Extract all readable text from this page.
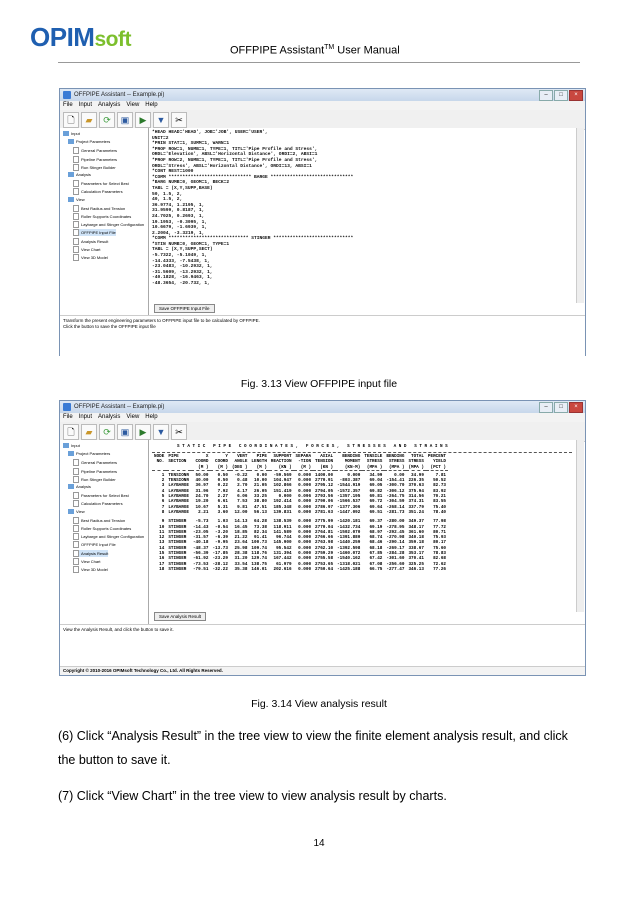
OPIMsoft	OFFPIPE Assistant™ User Manual
OFFPIPE Assistant -- Example.pi)	–	□	×
File Input Analysis View Help
🗋	▰	⟳	▣	▶	▼	✂
Input
Project Parameters
General Parameters
Pipeline Parameters
Run Stinger Builder
Analysis
Parameters for Select Best
Calculation Parameters
View
Best Radius and Tension
Roller Supports Coordinates
Laybarge and Stinger Configuration
OFFPIPE Input File
Analysis Result
View Chart
View 3D Model
*HEAD HEAD='HEAD', JOB='JOB', USER='USER',
UNIT=2
*PRIN STAT=1, SUMM=1, WARN=1
*PROF ROW=1, NUMB=1, TYPE=1, TITL='Pipe Profile and Stress',
ORDL='Elevation', ABSL='Horizontal Distance', ORDI=2, ABSI=1
*PROF ROW=2, NUMB=1, TYPE=1, TITL='Pipe Profile and Stress',
ORDL='Stress', ABSL='Horizontal Distance', ORDI=13, ABSI=1
*CONT REST=1000
*COMM ****************************** BARGE ******************************
*BARG NUMB=0, GEOM=1, BECK=2
TABL = (X,Y,SUPP,BASE)
50, 1.5, 2,
40, 1.5, 2,
36.9774, 1.2195, 1,
31.9599, 0.8187, 1,
24.7025, 0.2693, 1,
19.1953, -0.3095, 1,
10.6679, -1.6939, 1,
2.2004, -3.3219, 1,
*COMM ***************************** STINGER *****************************
*STIN NUMB=0, GEOM=1, TYPE=1
TABL = (X,Y,SUPP,SECT)
-5.7322, -5.1049, 1,
-14.4333, -7.5438, 1,
-23.0483, -10.2932, 1,
-31.5609, -13.2932, 1,
-40.1828, -16.9463, 1,
-48.3654, -20.732, 1,
Save OFFPIPE Input File
Transform the present engineering parameters to OFFPIPE input file to be calculated by OFFPIPE.
Click the button to save the OFFPIPE input file
Fig. 3.13 View OFFPIPE input file
OFFPIPE Assistant -- Example.pi)	–	□	×
File Input Analysis View Help
🗋	▰	⟳	▣	▶	▼	✂
Input
Project Parameters
General Parameters
Pipeline Parameters
Run Stinger Builder
Analysis
Parameters for Select Best
Calculation Parameters
View
Best Radius and Tension
Roller Supports Coordinates
Laybarge and Stinger Configuration
OFFPIPE Input File
Analysis Result
View Chart
View 3D Model
S T A T I C   P I P E   C O O R D I N A T E S ,   F O R C E S ,   S T R E S S E S   A N D   S T R A I N S
NODE	PIPE	X	Y	VERT	PIPE	SUPPORT	SEPARA	AXIAL	BENDING	TENSILE	BENDING	TOTAL	PERCENT
NO.	SECTION	COORD	COORD	ANGLE	LENGTH	REACTION	-TION	TENSION	MOMENT	STRESS	STRESS	STRESS	YIELD
		(M )	(M )	(DEG )	(M )	(KN )	(M )	(KN )	(KN-M)	(MPA )	(MPA )	(MPA )	(PCT )

1	TENSIONR	50.00	0.50	-0.22	0.00	-59.569	0.000	1400.00	0.000	34.99	0.00	34.99	7.81
2	TENSIONR	40.00	0.50	0.48	10.00	104.947	0.000	2770.91	-803.387	69.04	-154.41	226.35	50.52
3	LAYBARGE	36.97	0.22	2.70	21.05	102.866	0.000	2795.12	-1544.919	69.05	-300.70	370.63	82.73
4	LAYBARGE	31.96	7.92	4.17	26.05	151.419	0.000	2794.05	-1572.357	69.82	-306.12	375.94	83.92
5	LAYBARGE	24.70	2.27	6.06	33.25	0.000	0.096	2793.56	-1357.195	69.81	-264.75	314.56	70.21
6	LAYBARGE	19.20	6.61	7.53	38.80	192.414	0.000	2790.06	-1566.537	69.72	-304.59	374.31	83.55
7	LAYBARGE	10.67	5.31	9.81	47.51	185.348	0.000	2786.97	-1377.306	69.64	-268.14	337.79	75.40
8	LAYBARGE	2.21	3.60	12.00	56.13	139.831	0.000	2781.63	-1447.092	69.51	-281.73	351.24	78.40

9	STINGER	-5.73	1.03	14.13	64.28	138.539	0.000	2775.99	-1420.181	69.37	-280.00	349.37	77.98
10	STINGER	-14.43	-0.54	16.45	73.38	118.911	0.000	2770.04	-1432.734	69.19	-278.95	348.17	77.72
11	STINGER	-23.05	-3.20	18.85	82.34	141.589	0.000	2764.81	-1502.070	68.97	-292.45	361.60	80.71
12	STINGER	-31.57	-6.39	21.22	91.41	96.744	0.000	2766.66	-1391.880	68.74	-270.98	340.18	75.93
13	STINGER	-40.18	-9.95	23.64	100.73	145.900	0.000	2763.98	-1440.259	68.46	-290.14	359.18	80.17
14	STINGER	-48.37	-13.73	25.98	109.74	95.542	0.000	2762.10	-1392.598	68.18	-269.17	338.67	75.60
15	STINGER	-56.39	-17.85	28.38	118.76	131.394	0.000	2759.29	-1460.072	67.85	-284.28	353.17	78.83
16	STINGER	-61.92	-23.29	31.20	129.74	167.442	0.000	2755.58	-1540.162	67.42	-301.60	370.41	82.68
17	STINGER	-73.53	-28.12	33.54	138.75	61.979	0.000	2753.65	-1318.021	67.08	-256.60	325.25	72.62
18	STINGER	-79.51	-32.22	35.38	146.01	202.616	0.000	2750.64	-1425.188	66.75	-277.47	346.13	77.26
Save Analysis Result
View the Analysis Result, and click the button to save it.
Copyright © 2010-2016 OPIMsoft Technology Co., Ltd. All Rights Reserved.
Fig. 3.14 View analysis result
(6) Click “Analysis Result” in the tree view to view the finite element analysis result, and click
the button to save it.
(7) Click “View Chart” in the tree view to view analysis result by charts.
14
